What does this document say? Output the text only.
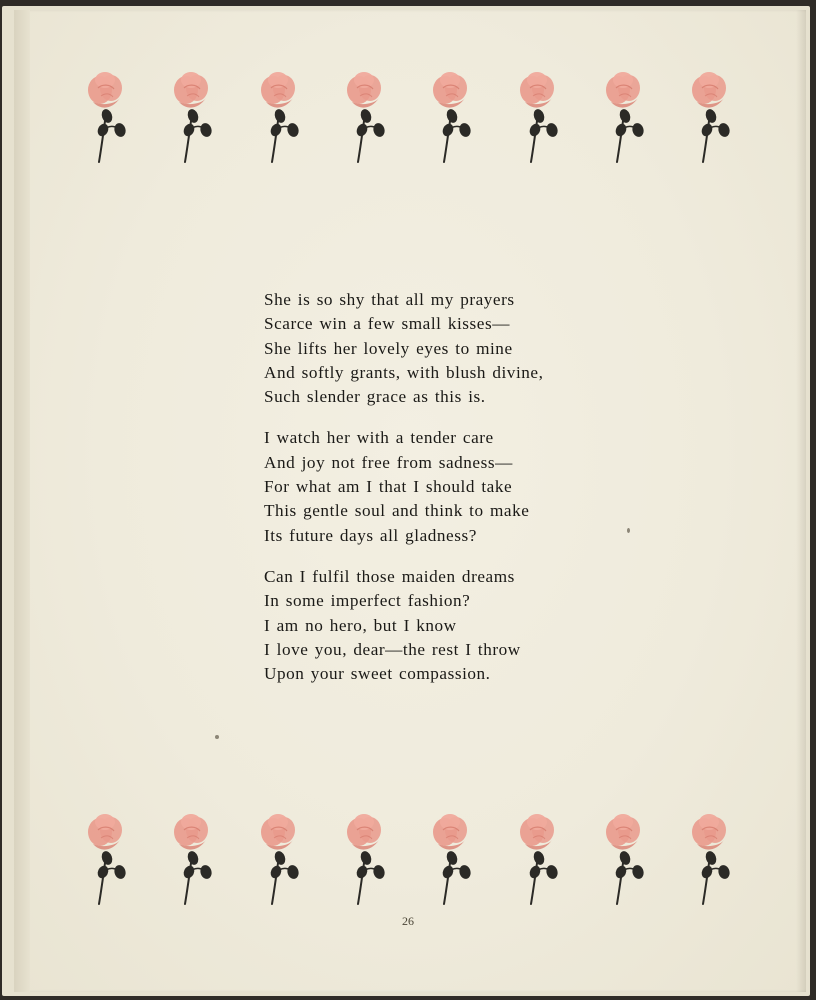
She is so shy that all my prayers
Scarce win a few small kisses—
She lifts her lovely eyes to mine
And softly grants, with blush divine,
Such slender grace as this is.
I watch her with a tender care
And joy not free from sadness—
For what am I that I should take
This gentle soul and think to make
Its future days all gladness?
Can I fulfil those maiden dreams
In some imperfect fashion?
I am no hero, but I know
I love you, dear—the rest I throw
Upon your sweet compassion.
26
